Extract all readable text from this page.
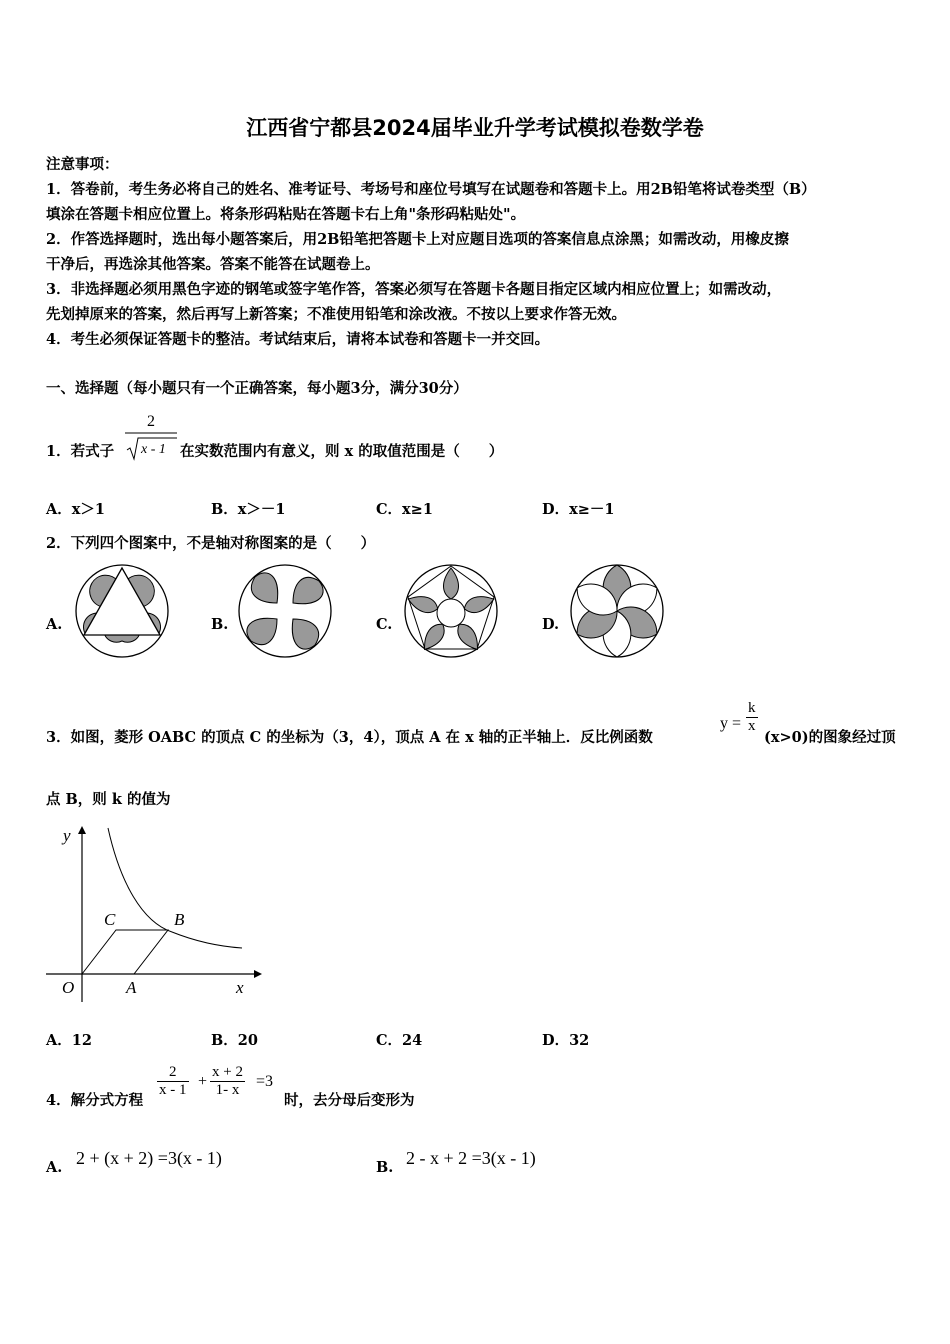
江西省宁都县2024届毕业升学考试模拟卷数学卷
注意事项：
1．答卷前，考生务必将自己的姓名、准考证号、考场号和座位号填写在试题卷和答题卡上。用2B铅笔将试卷类型（B）
填涂在答题卡相应位置上。将条形码粘贴在答题卡右上角"条形码粘贴处"。
2．作答选择题时，选出每小题答案后，用2B铅笔把答题卡上对应题目选项的答案信息点涂黑；如需改动，用橡皮擦
干净后，再选涂其他答案。答案不能答在试题卷上。
3．非选择题必须用黑色字迹的钢笔或签字笔作答，答案必须写在答题卡各题目指定区域内相应位置上；如需改动，
先划掉原来的答案，然后再写上新答案；不准使用铅笔和涂改液。不按以上要求作答无效。
4．考生必须保证答题卡的整洁。考试结束后，请将本试卷和答题卡一并交回。
一、选择题（每小题只有一个正确答案，每小题3分，满分30分）
1．若式子
2
x - 1 在实数范围内有意义，则 x 的取值范围是（　　）
A．x＞1	B．x＞－1	C．x≥1	D．x≥－1
2．下列四个图案中，不是轴对称图案的是（　　）
A.	B.	C.	D.
3．如图，菱形 OABC 的顶点 C 的坐标为（3，4），顶点 A 在 x 轴的正半轴上．反比例函数
$y = \frac{k}{x}$
(x>0)的图象经过顶
点 B，则 k 的值为
y
x
O	A
B
C
A．12	B．20	C．24	D．32
4．解分式方程
$\frac{2}{x - 1} + \frac{x + 2}{1- x} =3$
时，去分母后变形为
A. 2 + (x + 2) =3(x - 1)	B. 2 - x + 2 =3(x - 1)
